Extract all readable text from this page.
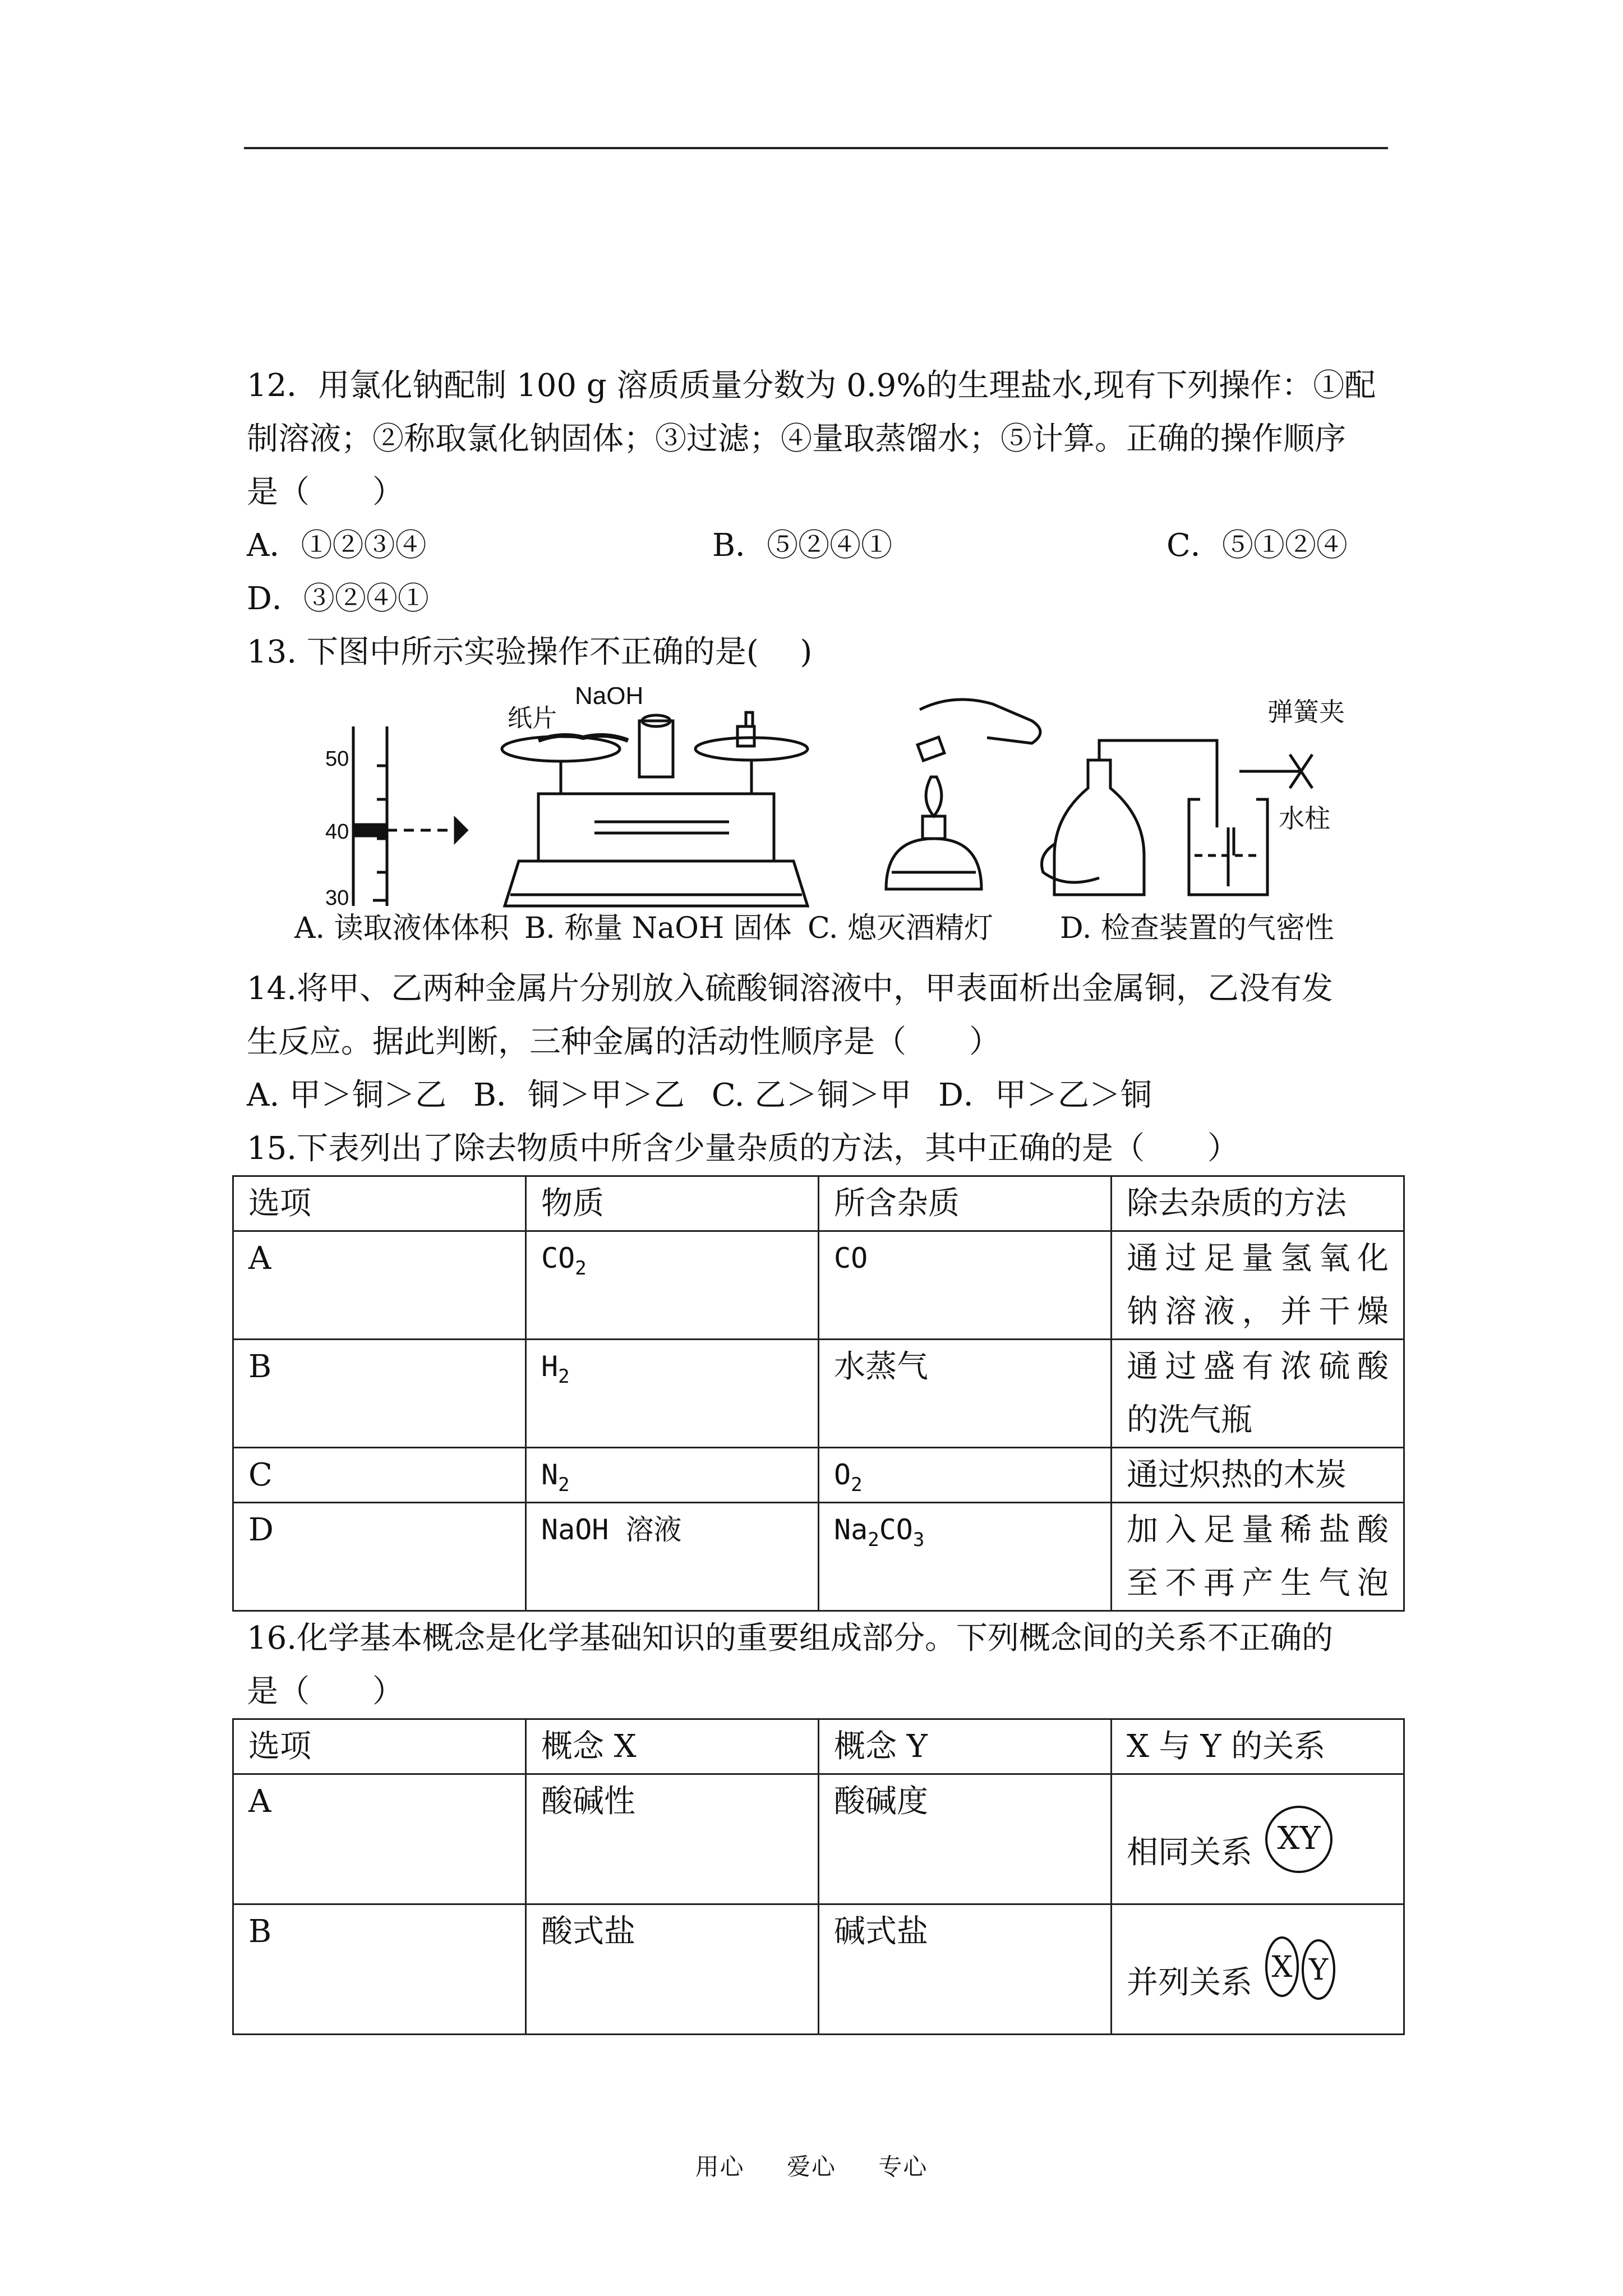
12．用氯化钠配制 100 g 溶质质量分数为 0.9%的生理盐水,现有下列操作：①配

制溶液；②称取氯化钠固体；③过滤；④量取蒸馏水；⑤计算。正确的操作顺序

是（　　）

A．①②③④	B．⑤②④①	C．⑤①②④

D．③②④①

13. 下图中所示实验操作不正确的是(　 )

50
40
30
NaOH
纸片	弹簧夹
水柱
A. 读取液体体积 B. 称量 NaOH 固体 C. 熄灭酒精灯 D. 检查装置的气密性

14.将甲、乙两种金属片分别放入硫酸铜溶液中，甲表面析出金属铜，乙没有发

生反应。据此判断，三种金属的活动性顺序是（　　）

A. 甲＞铜＞乙 B．铜＞甲＞乙 C. 乙＞铜＞甲 D．甲＞乙＞铜

15.下表列出了除去物质中所含少量杂质的方法，其中正确的是（　　）

选项	物质	所含杂质	除去杂质的方法
A	$CO_2$	CO	通过足量氢氧化
钠溶液，并干燥

B	$H_2$	水蒸气	通过盛有浓硫酸
的洗气瓶

C	$N_2$	$O_2$	通过炽热的木炭
D	NaOH 溶液	$Na_2CO_3$	加入足量稀盐酸
至不再产生气泡

16.化学基本概念是化学基础知识的重要组成部分。下列概念间的关系不正确的

是（　　）

选项	概念 X	概念 Y	X 与 Y 的关系
A	酸碱性	酸碱度	相同关系 XY

B	酸式盐	碱式盐	并列关系 X Y
用心 爱心 专心
